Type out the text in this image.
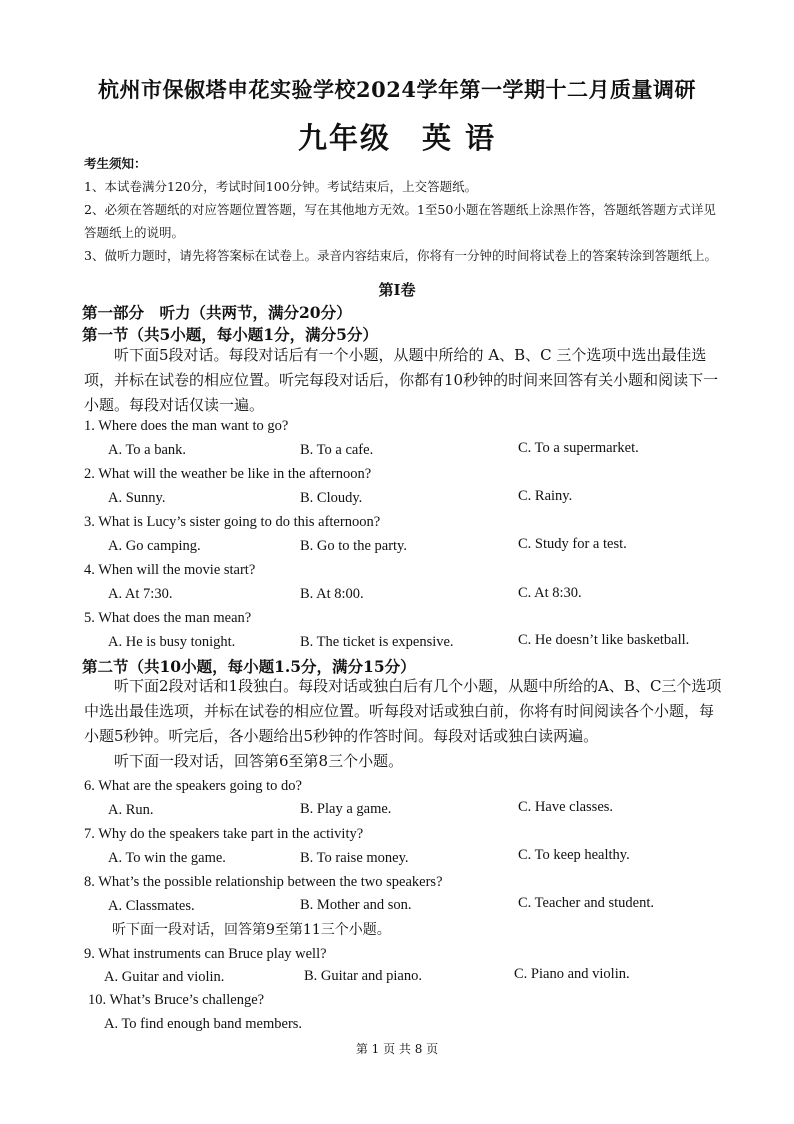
杭州市保俶塔申花实验学校2024学年第一学期十二月质量调研
九年级　英 语
考生须知：
1、本试卷满分120分，考试时间100分钟。考试结束后，上交答题纸。
2、必须在答题纸的对应答题位置答题，写在其他地方无效。1至50小题在答题纸上涂黑作答，答题纸答题方式详见答题纸上的说明。
3、做听力题时，请先将答案标在试卷上。录音内容结束后，你将有一分钟的时间将试卷上的答案转涂到答题纸上。
第Ⅰ卷
第一部分　听力（共两节，满分20分）
第一节（共5小题，每小题1分，满分5分）
听下面5段对话。每段对话后有一个小题，从题中所给的 A、B、C 三个选项中选出最佳选项，并标在试卷的相应位置。听完每段对话后，你都有10秒钟的时间来回答有关小题和阅读下一小题。每段对话仅读一遍。
1. Where does the man want to go?
A. To a bank.	B. To a cafe.	C. To a supermarket.
2. What will the weather be like in the afternoon?
A. Sunny.	B. Cloudy.	C. Rainy.
3. What is Lucy’s sister going to do this afternoon?
A. Go camping.	B. Go to the party.	C. Study for a test.
4. When will the movie start?
A. At 7:30.	B. At 8:00.	C. At 8:30.
5. What does the man mean?
A. He is busy tonight.	B. The ticket is expensive.	C. He doesn’t like basketball.
第二节（共10小题，每小题1.5分，满分15分）
听下面2段对话和1段独白。每段对话或独白后有几个小题，从题中所给的A、B、C三个选项中选出最佳选项，并标在试卷的相应位置。听每段对话或独白前，你将有时间阅读各个小题，每小题5秒钟。听完后，各小题给出5秒钟的作答时间。每段对话或独白读两遍。
听下面一段对话，回答第6至第8三个小题。
6. What are the speakers going to do?
A. Run.	B. Play a game.	C. Have classes.
7. Why do the speakers take part in the activity?
A. To win the game.	B. To raise money.	C. To keep healthy.
8. What’s the possible relationship between the two speakers?
A. Classmates.	B. Mother and son.	C. Teacher and student.
听下面一段对话，回答第9至第11三个小题。
9. What instruments can Bruce play well?
A. Guitar and violin.	B. Guitar and piano.	C. Piano and violin.
10. What’s Bruce’s challenge?
A. To find enough band members.
第 1 页 共 8 页
